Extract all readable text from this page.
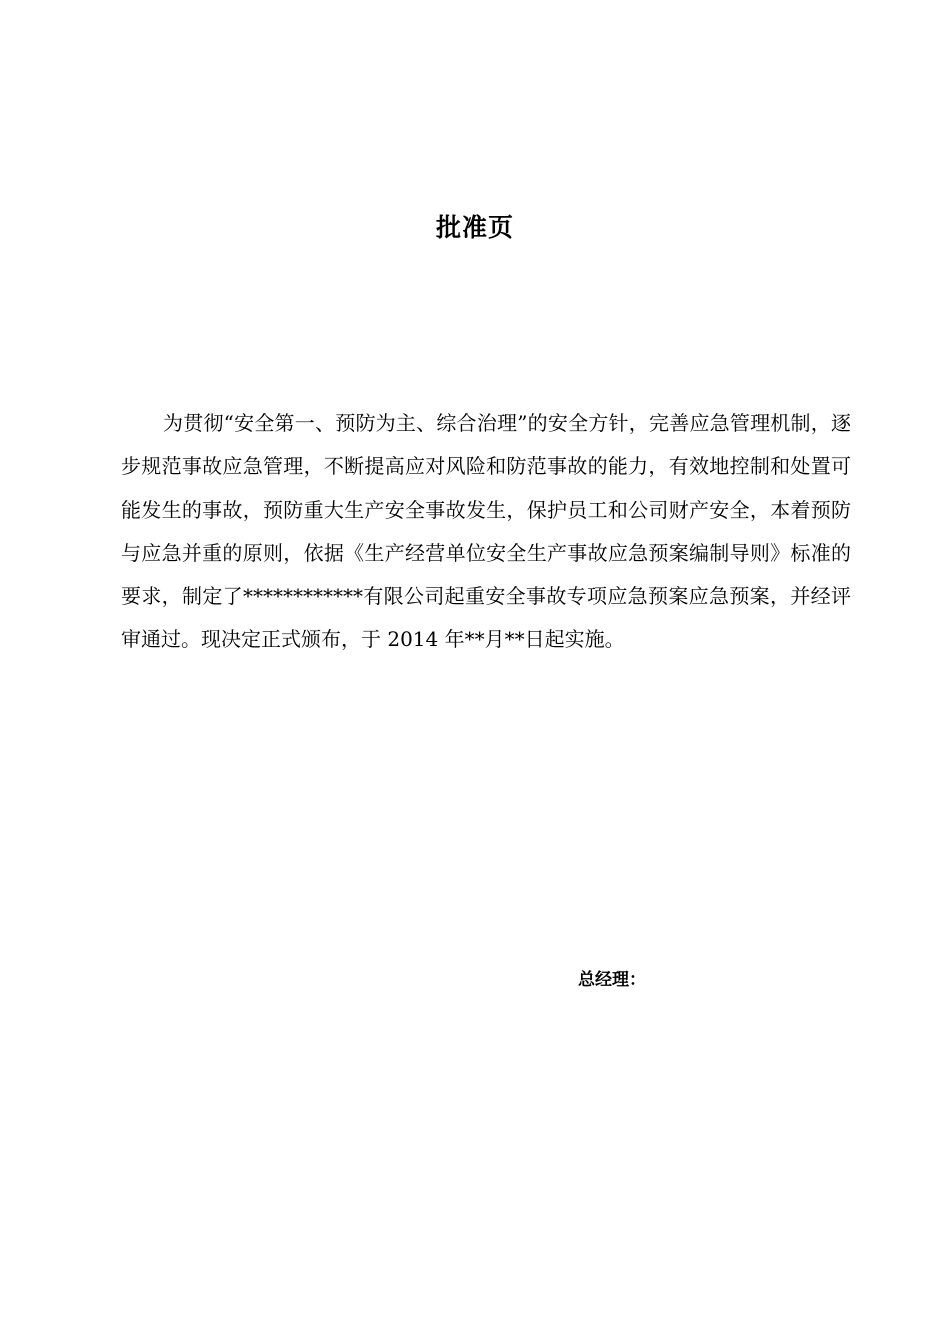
批准页

为贯彻“安全第一、预防为主、综合治理”的安全方针，完善应急管理机制，逐步规范事故应急管理，不断提高应对风险和防范事故的能力，有效地控制和处置可能发生的事故，预防重大生产安全事故发生，保护员工和公司财产安全，本着预防与应急并重的原则，依据《生产经营单位安全生产事故应急预案编制导则》标准的要求，制定了************有限公司起重安全事故专项应急预案应急预案，并经评审通过。现决定正式颁布，于 2014 年**月**日起实施。

总经理：
